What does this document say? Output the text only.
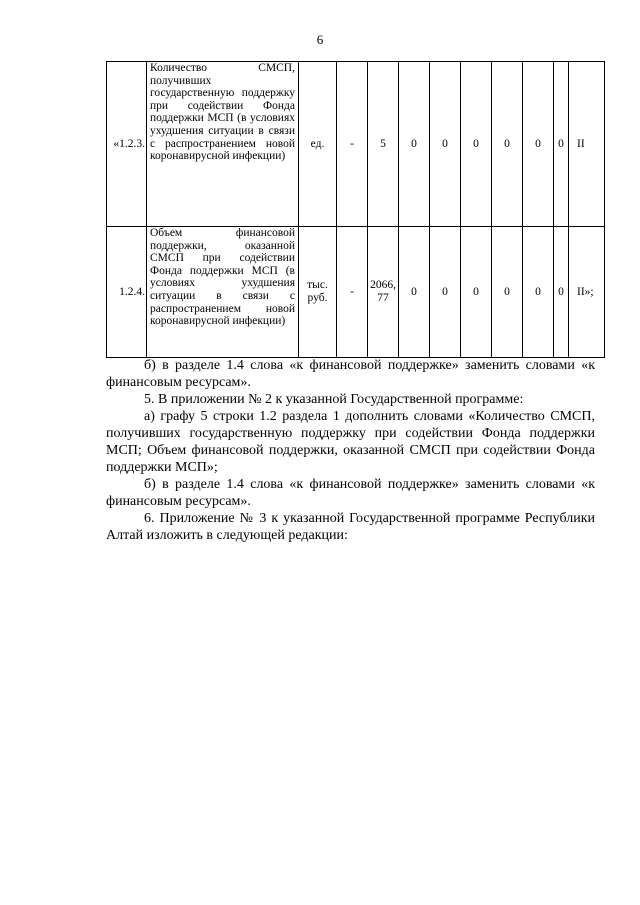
6
«1.2.3.	Количество СМСП, получивших государственную поддержку при содействии Фонда поддержки МСП (в условиях ухудшения ситуации в связи с распространением новой коронавирусной инфекции)	ед.	-	5	0	0	0	0	0	0	II
1.2.4.	Объем финансовой поддержки, оказанной СМСП при содействии Фонда поддержки МСП (в условиях ухудшения ситуации в связи с распространением новой коронавирусной инфекции)	тыс. руб.	-	2066, 77	0	0	0	0	0	0	II»;

б) в разделе 1.4 слова «к финансовой поддержке» заменить словами «к финансовым ресурсам».

5. В приложении № 2 к указанной Государственной программе:

а) графу 5 строки 1.2 раздела 1 дополнить словами «Количество СМСП, получивших государственную поддержку при содействии Фонда поддержки МСП; Объем финансовой поддержки, оказанной СМСП при содействии Фонда поддержки МСП»;

б) в разделе 1.4 слова «к финансовой поддержке» заменить словами «к финансовым ресурсам».

6. Приложение № 3 к указанной Государственной программе Республики Алтай изложить в следующей редакции:
